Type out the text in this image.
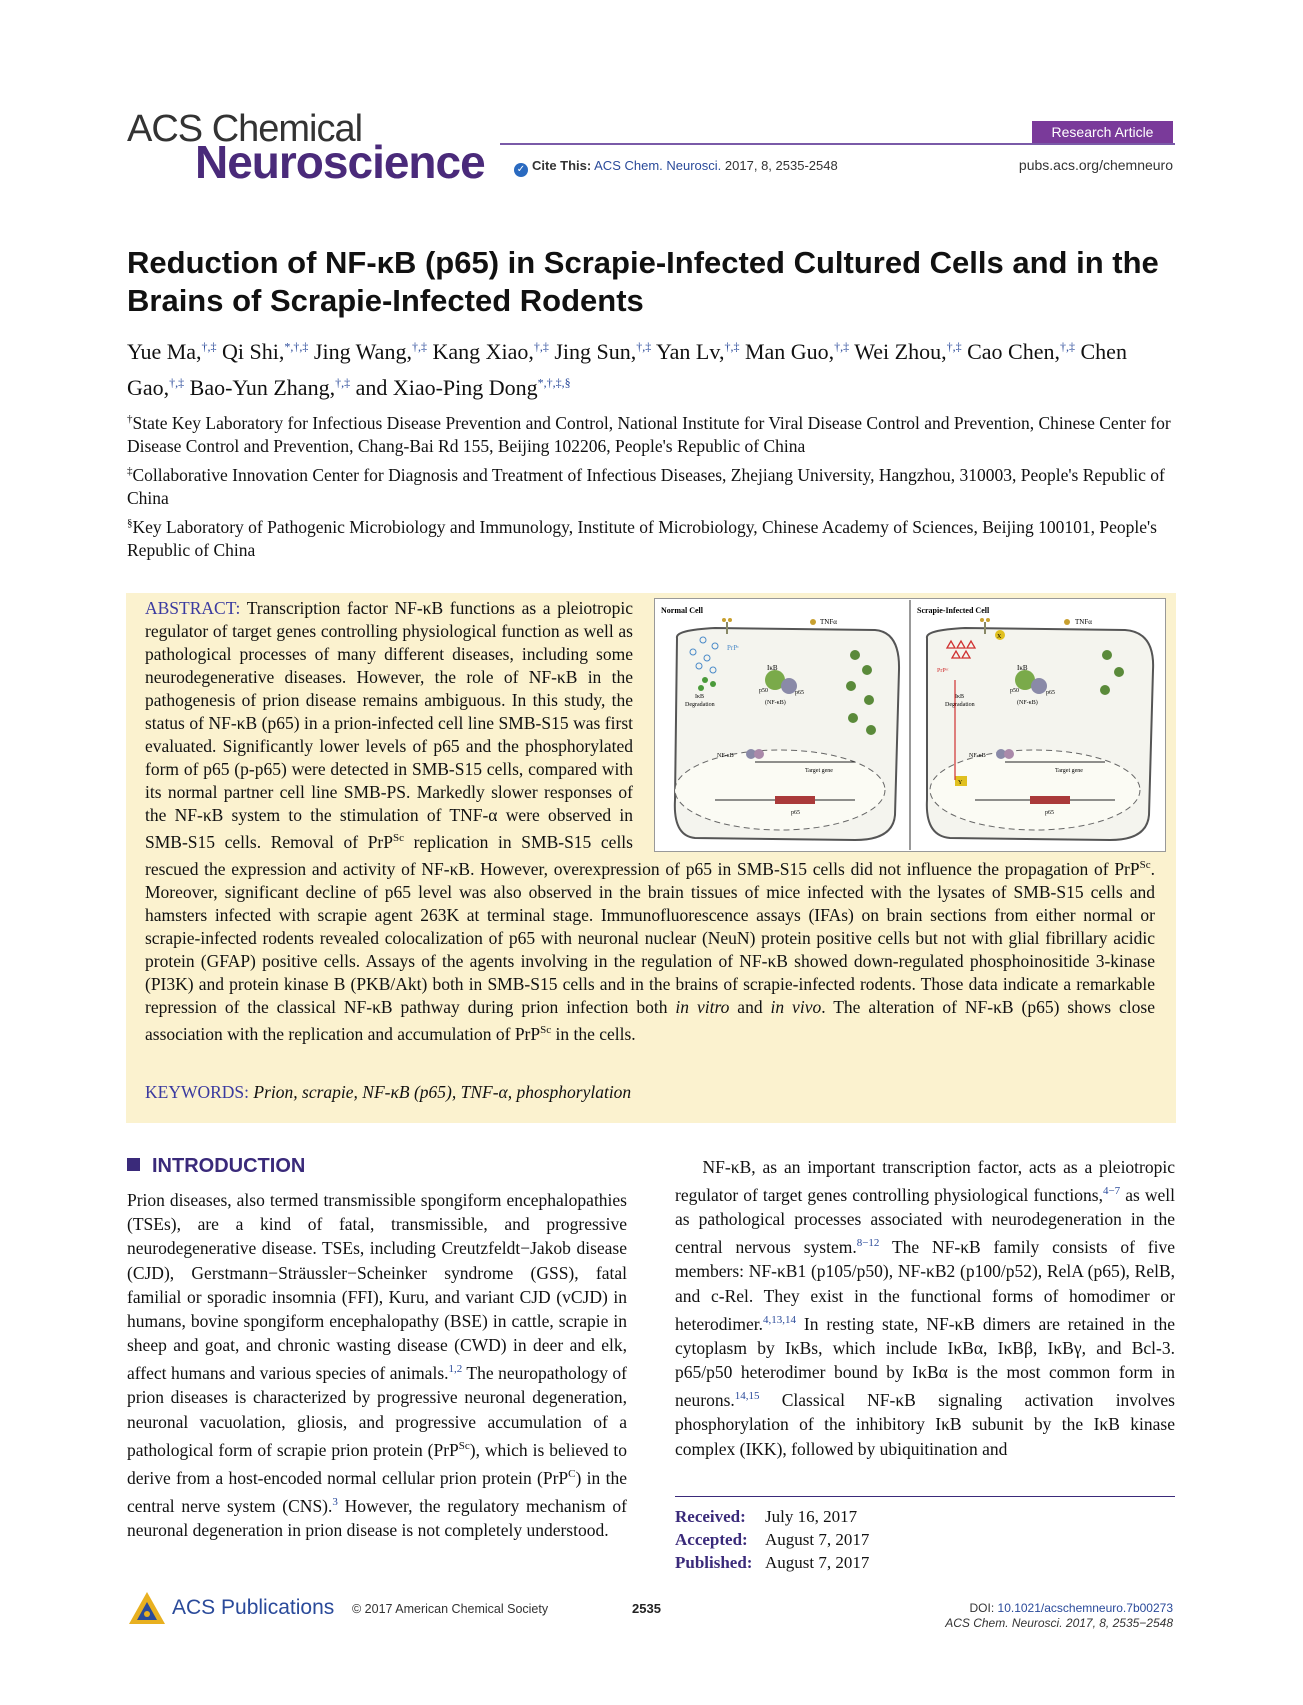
ACS Chemical
Neuroscience
Research Article
✓ Cite This: ACS Chem. Neurosci. 2017, 8, 2535-2548	pubs.acs.org/chemneuro
Reduction of NF-κB (p65) in Scrapie-Infected Cultured Cells and in the Brains of Scrapie-Infected Rodents
Yue Ma,†,‡ Qi Shi,*,†,‡ Jing Wang,†,‡ Kang Xiao,†,‡ Jing Sun,†,‡ Yan Lv,†,‡ Man Guo,†,‡ Wei Zhou,†,‡ Cao Chen,†,‡ Chen Gao,†,‡ Bao-Yun Zhang,†,‡ and Xiao-Ping Dong*,†,‡,§
†State Key Laboratory for Infectious Disease Prevention and Control, National Institute for Viral Disease Control and Prevention, Chinese Center for Disease Control and Prevention, Chang-Bai Rd 155, Beijing 102206, People's Republic of China
‡Collaborative Innovation Center for Diagnosis and Treatment of Infectious Diseases, Zhejiang University, Hangzhou, 310003, People's Republic of China
§Key Laboratory of Pathogenic Microbiology and Immunology, Institute of Microbiology, Chinese Academy of Sciences, Beijing 100101, People's Republic of China
ABSTRACT: Transcription factor NF-κB functions as a pleiotropic regulator of target genes controlling physiological function as well as pathological processes of many different diseases, including some neurodegenerative diseases. However, the role of NF-κB in the pathogenesis of prion disease remains ambiguous. In this study, the status of NF-κB (p65) in a prion-infected cell line SMB-S15 was first evaluated. Significantly lower levels of p65 and the phosphorylated form of p65 (p-p65) were detected in SMB-S15 cells, compared with its normal partner cell line SMB-PS. Markedly slower responses of the NF-κB system to the stimulation of TNF-α were observed in SMB-S15 cells. Removal of PrP$^{Sc}$ replication in SMB-S15 cells rescued the expression and activity of NF-κB. However, overexpression of p65 in SMB-S15 cells did not influence the propagation of PrP$^{Sc}$. Moreover, significant decline of p65 level was also observed in the brain tissues of mice infected with the lysates of SMB-S15 cells and hamsters infected with scrapie agent 263K at terminal stage. Immunofluorescence assays (IFAs) on brain sections from either normal or scrapie-infected rodents revealed colocalization of p65 with neuronal nuclear (NeuN) protein positive cells but not with glial fibrillary acidic protein (GFAP) positive cells. Assays of the agents involving in the regulation of NF-κB showed down-regulated phosphoinositide 3-kinase (PI3K) and protein kinase B (PKB/Akt) both in SMB-S15 cells and in the brains of scrapie-infected rodents. Those data indicate a remarkable repression of the classical NF-κB pathway during prion infection both in vitro and in vivo. The alteration of NF-κB (p65) shows close association with the replication and accumulation of PrP$^{Sc}$ in the cells.
Normal Cell
PrPᶜ
TNFα
IκB
p50	p65
(NF-κB)
IκB
Degradation
NF-κB
Target gene
p65
Scrapie-Infected Cell
PrPˢᶜ
X
TNFα
IκB
p50	p65
(NF-κB)
IκB
Degradation
NF-κB
Target gene
Y
p65
KEYWORDS: Prion, scrapie, NF-κB (p65), TNF-α, phosphorylation
INTRODUCTION
Prion diseases, also termed transmissible spongiform encephalopathies (TSEs), are a kind of fatal, transmissible, and progressive neurodegenerative disease. TSEs, including Creutzfeldt−Jakob disease (CJD), Gerstmann−Sträussler−Scheinker syndrome (GSS), fatal familial or sporadic insomnia (FFI), Kuru, and variant CJD (vCJD) in humans, bovine spongiform encephalopathy (BSE) in cattle, scrapie in sheep and goat, and chronic wasting disease (CWD) in deer and elk, affect humans and various species of animals.$^{1,2}$ The neuropathology of prion diseases is characterized by progressive neuronal degeneration, neuronal vacuolation, gliosis, and progressive accumulation of a pathological form of scrapie prion protein (PrP$^{Sc}$), which is believed to derive from a host-encoded normal cellular prion protein (PrP$^C$) in the central nerve system (CNS).$^3$ However, the regulatory mechanism of neuronal degeneration in prion disease is not completely understood.
NF-κB, as an important transcription factor, acts as a pleiotropic regulator of target genes controlling physiological functions,$^{4-7}$ as well as pathological processes associated with neurodegeneration in the central nervous system.$^{8-12}$ The NF-κB family consists of five members: NF-κB1 (p105/p50), NF-κB2 (p100/p52), RelA (p65), RelB, and c-Rel. They exist in the functional forms of homodimer or heterodimer.$^{4,13,14}$ In resting state, NF-κB dimers are retained in the cytoplasm by IκBs, which include IκBα, IκBβ, IκBγ, and Bcl-3. p65/p50 heterodimer bound by IκBα is the most common form in neurons.$^{14,15}$ Classical NF-κB signaling activation involves phosphorylation of the inhibitory IκB subunit by the IκB kinase complex (IKK), followed by ubiquitination and
Received: July 16, 2017
Accepted: August 7, 2017
Published: August 7, 2017
ACS Publications © 2017 American Chemical Society	2535	DOI: 10.1021/acschemneuro.7b00273
ACS Chem. Neurosci. 2017, 8, 2535−2548
